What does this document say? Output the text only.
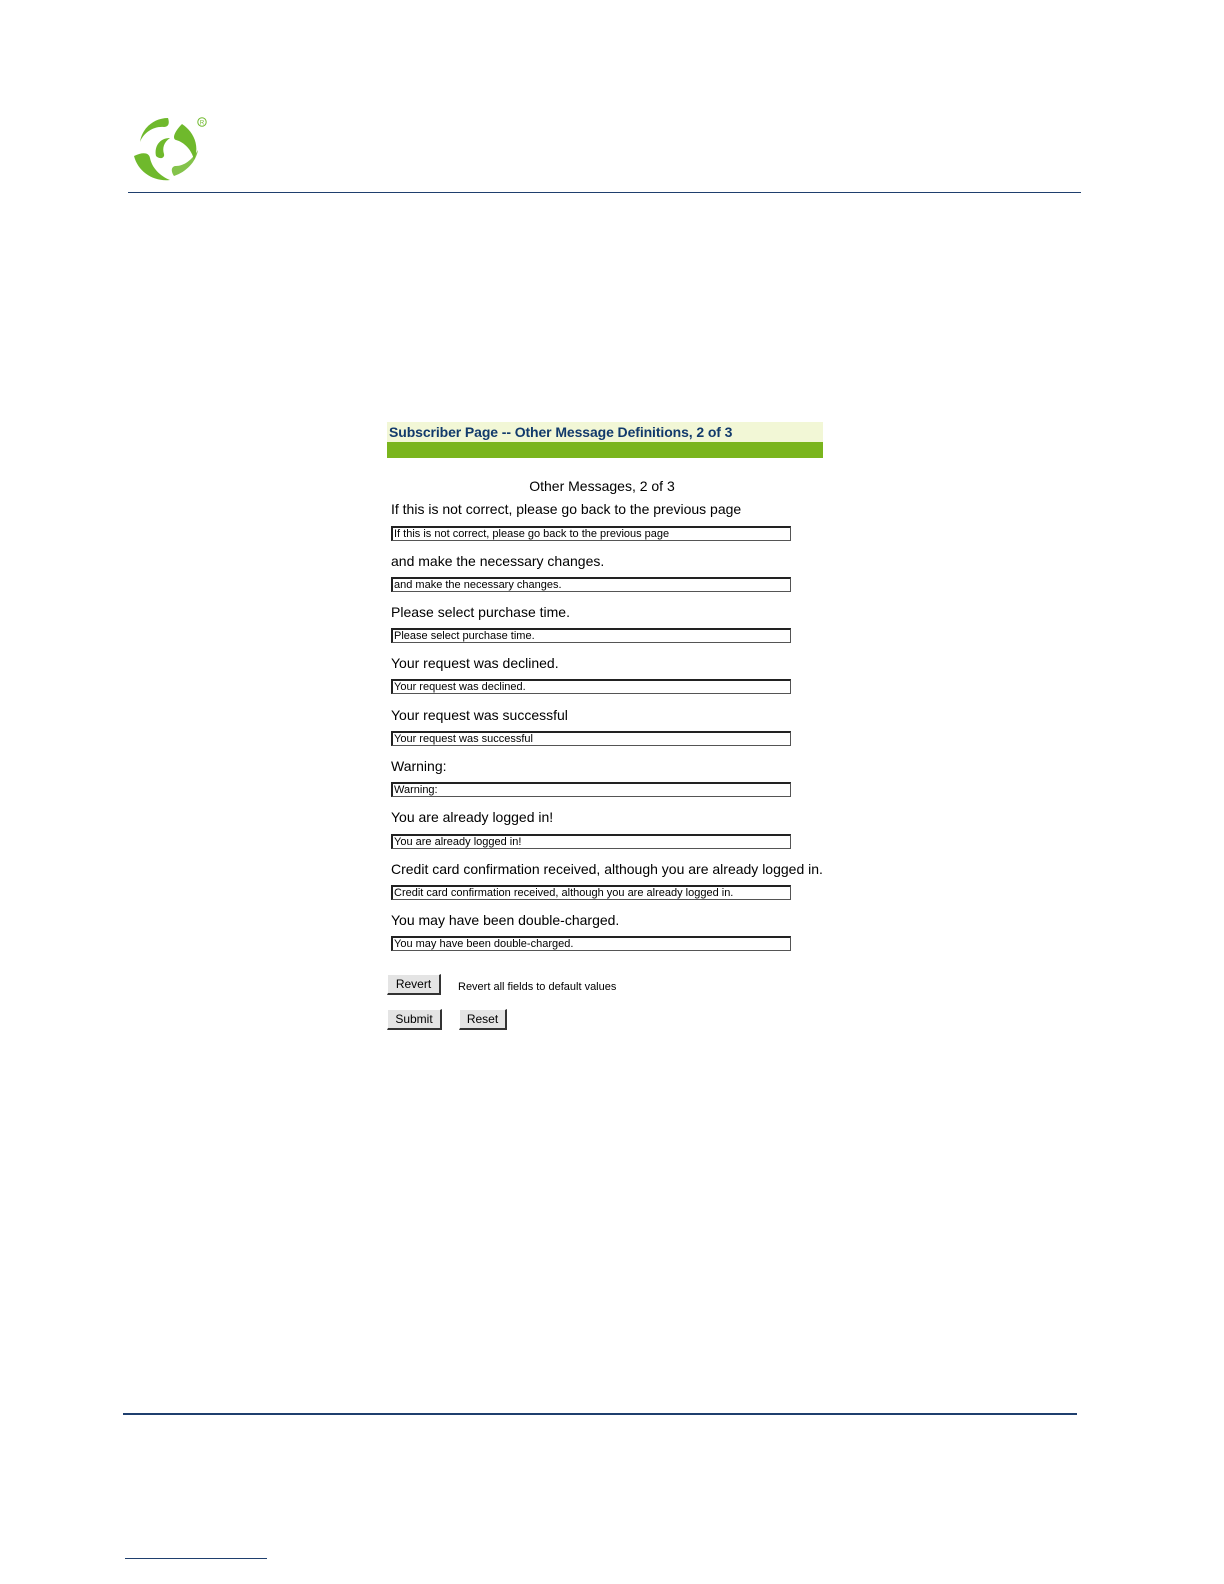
R
Subscriber Page -- Other Message Definitions, 2 of 3
Other Messages, 2 of 3
If this is not correct, please go back to the previous page
If this is not correct, please go back to the previous page
and make the necessary changes.
and make the necessary changes.
Please select purchase time.
Please select purchase time.
Your request was declined.
Your request was declined.
Your request was successful
Your request was successful
Warning:
Warning:
You are already logged in!
You are already logged in!
Credit card confirmation received, although you are already logged in.
Credit card confirmation received, although you are already logged in.
You may have been double-charged.
You may have been double-charged.
Revert	Revert all fields to default values
Submit	Reset
